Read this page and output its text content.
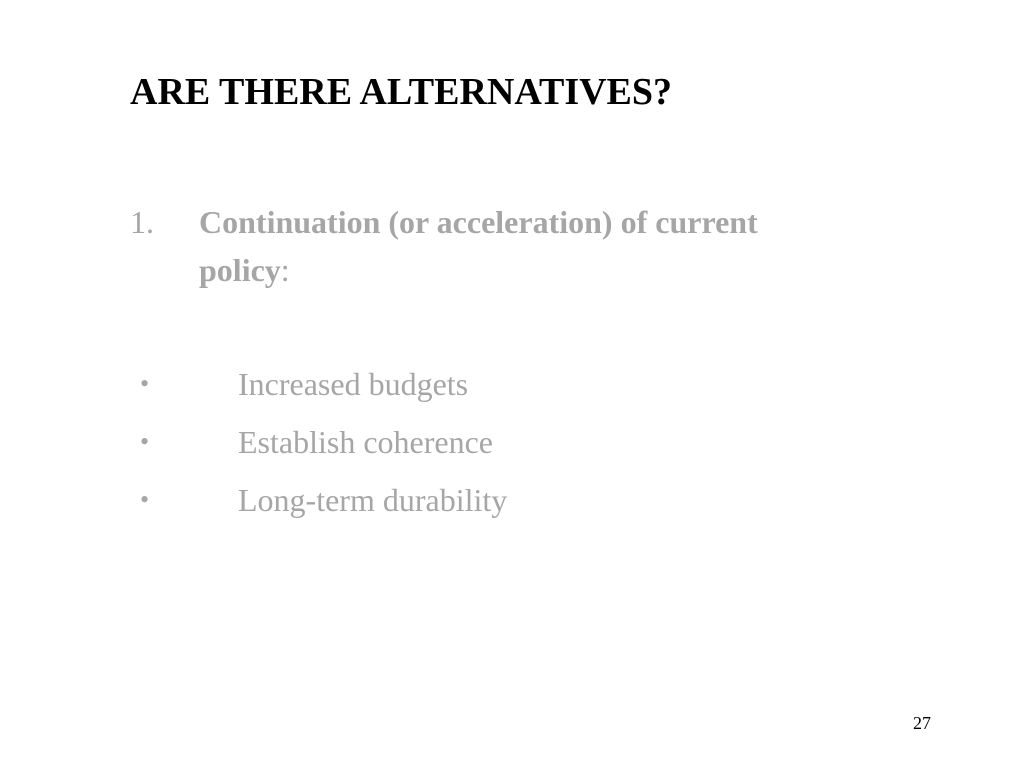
ARE THERE ALTERNATIVES?
1. Continuation (or acceleration) of current policy:
•	Increased budgets
•	Establish coherence
•	Long-term durability
27
